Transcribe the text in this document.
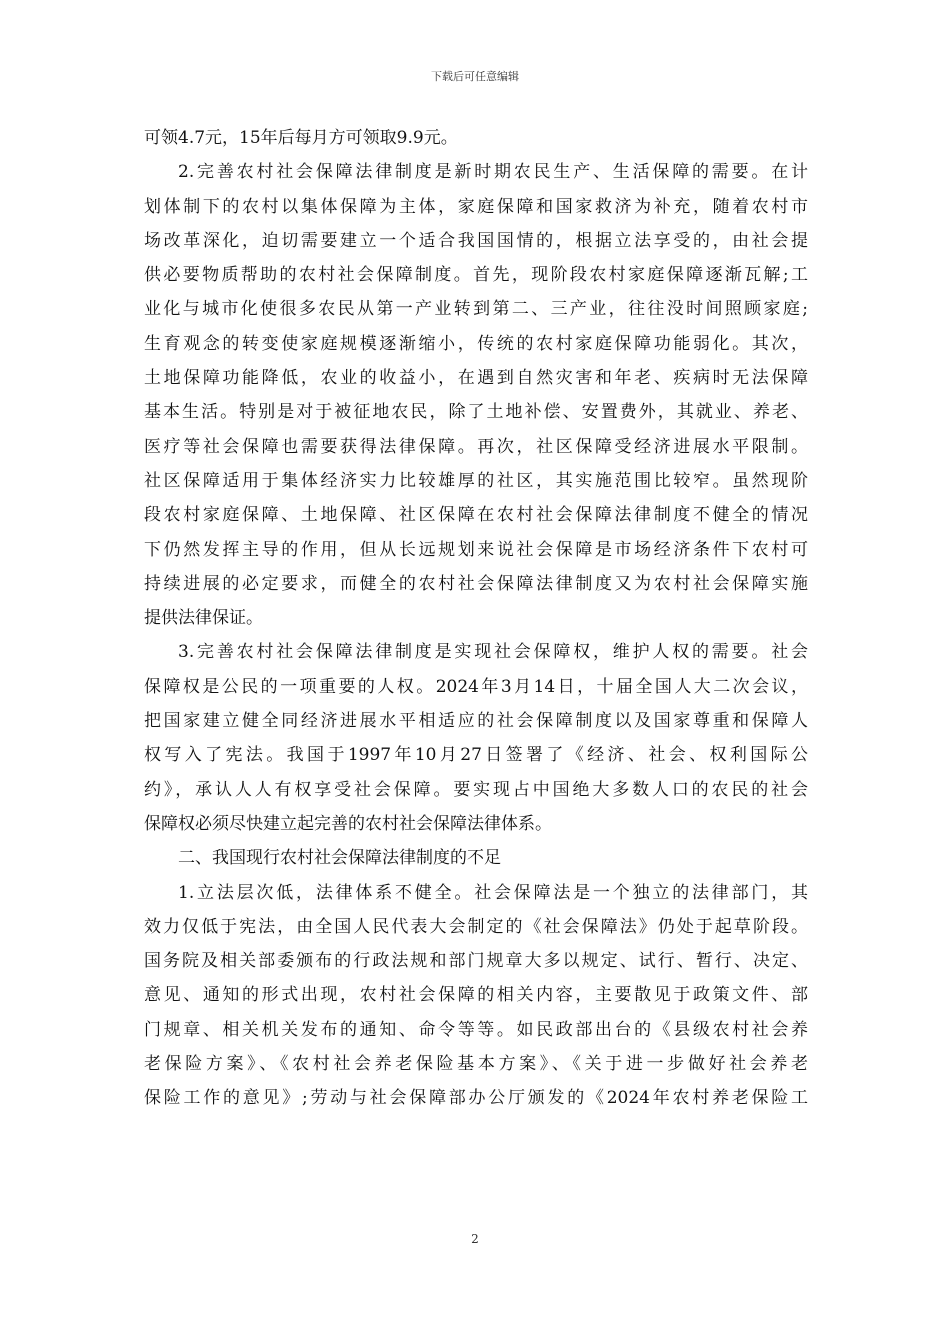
下载后可任意编辑
可领4.7元，15年后每月方可领取9.9元。
2.完善农村社会保障法律制度是新时期农民生产、生活保障的需要。在计
划体制下的农村以集体保障为主体，家庭保障和国家救济为补充，随着农村市
场改革深化，迫切需要建立一个适合我国国情的，根据立法享受的，由社会提
供必要物质帮助的农村社会保障制度。首先，现阶段农村家庭保障逐渐瓦解;工
业化与城市化使很多农民从第一产业转到第二、三产业，往往没时间照顾家庭;
生育观念的转变使家庭规模逐渐缩小，传统的农村家庭保障功能弱化。其次，
土地保障功能降低，农业的收益小，在遇到自然灾害和年老、疾病时无法保障
基本生活。特别是对于被征地农民，除了土地补偿、安置费外，其就业、养老、
医疗等社会保障也需要获得法律保障。再次，社区保障受经济进展水平限制。
社区保障适用于集体经济实力比较雄厚的社区，其实施范围比较窄。虽然现阶
段农村家庭保障、土地保障、社区保障在农村社会保障法律制度不健全的情况
下仍然发挥主导的作用，但从长远规划来说社会保障是市场经济条件下农村可
持续进展的必定要求，而健全的农村社会保障法律制度又为农村社会保障实施
提供法律保证。
3.完善农村社会保障法律制度是实现社会保障权，维护人权的需要。社会
保障权是公民的一项重要的人权。2024年3月14日，十届全国人大二次会议，
把国家建立健全同经济进展水平相适应的社会保障制度以及国家尊重和保障人
权写入了宪法。我国于1997年10月27日签署了《经济、社会、权利国际公
约》，承认人人有权享受社会保障。要实现占中国绝大多数人口的农民的社会
保障权必须尽快建立起完善的农村社会保障法律体系。
二、我国现行农村社会保障法律制度的不足
1.立法层次低，法律体系不健全。社会保障法是一个独立的法律部门，其
效力仅低于宪法，由全国人民代表大会制定的《社会保障法》仍处于起草阶段。
国务院及相关部委颁布的行政法规和部门规章大多以规定、试行、暂行、决定、
意见、通知的形式出现，农村社会保障的相关内容，主要散见于政策文件、部
门规章、相关机关发布的通知、命令等等。如民政部出台的《县级农村社会养
老保险方案》、《农村社会养老保险基本方案》、《关于进一步做好社会养老
保险工作的意见》;劳动与社会保障部办公厅颁发的《2024年农村养老保险工
2
